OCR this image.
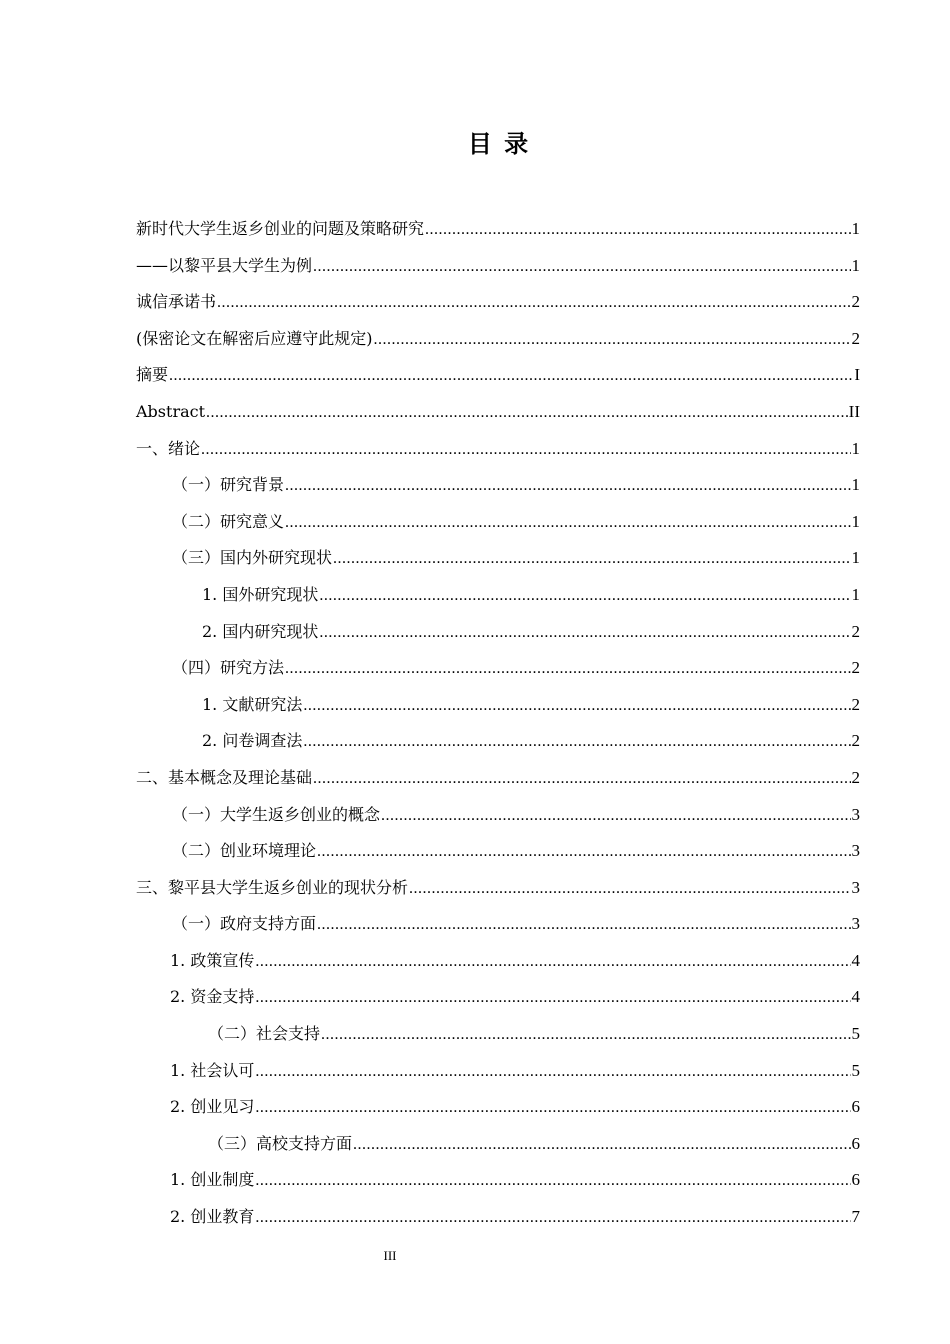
目 录
新时代大学生返乡创业的问题及策略研究 .....	1
——以黎平县大学生为例 .....	1
诚信承诺书 .....	2
(保密论文在解密后应遵守此规定) .....	2
摘要 .....	I
Abstract .....	II
一、绪论 .....	1
（一）研究背景 .....	1
（二）研究意义 .....	1
（三）国内外研究现状 .....	1
1. 国外研究现状 .....	1
2. 国内研究现状 .....	2
（四）研究方法 .....	2
1. 文献研究法 .....	2
2. 问卷调查法 .....	2
二、基本概念及理论基础 .....	2
（一）大学生返乡创业的概念 .....	3
（二）创业环境理论 .....	3
三、黎平县大学生返乡创业的现状分析 .....	3
（一）政府支持方面 .....	3
1. 政策宣传 .....	4
2. 资金支持 .....	4
（二）社会支持 .....	5
1. 社会认可 .....	5
2. 创业见习 .....	6
（三）高校支持方面 .....	6
1. 创业制度 .....	6
2. 创业教育 .....	7
III
